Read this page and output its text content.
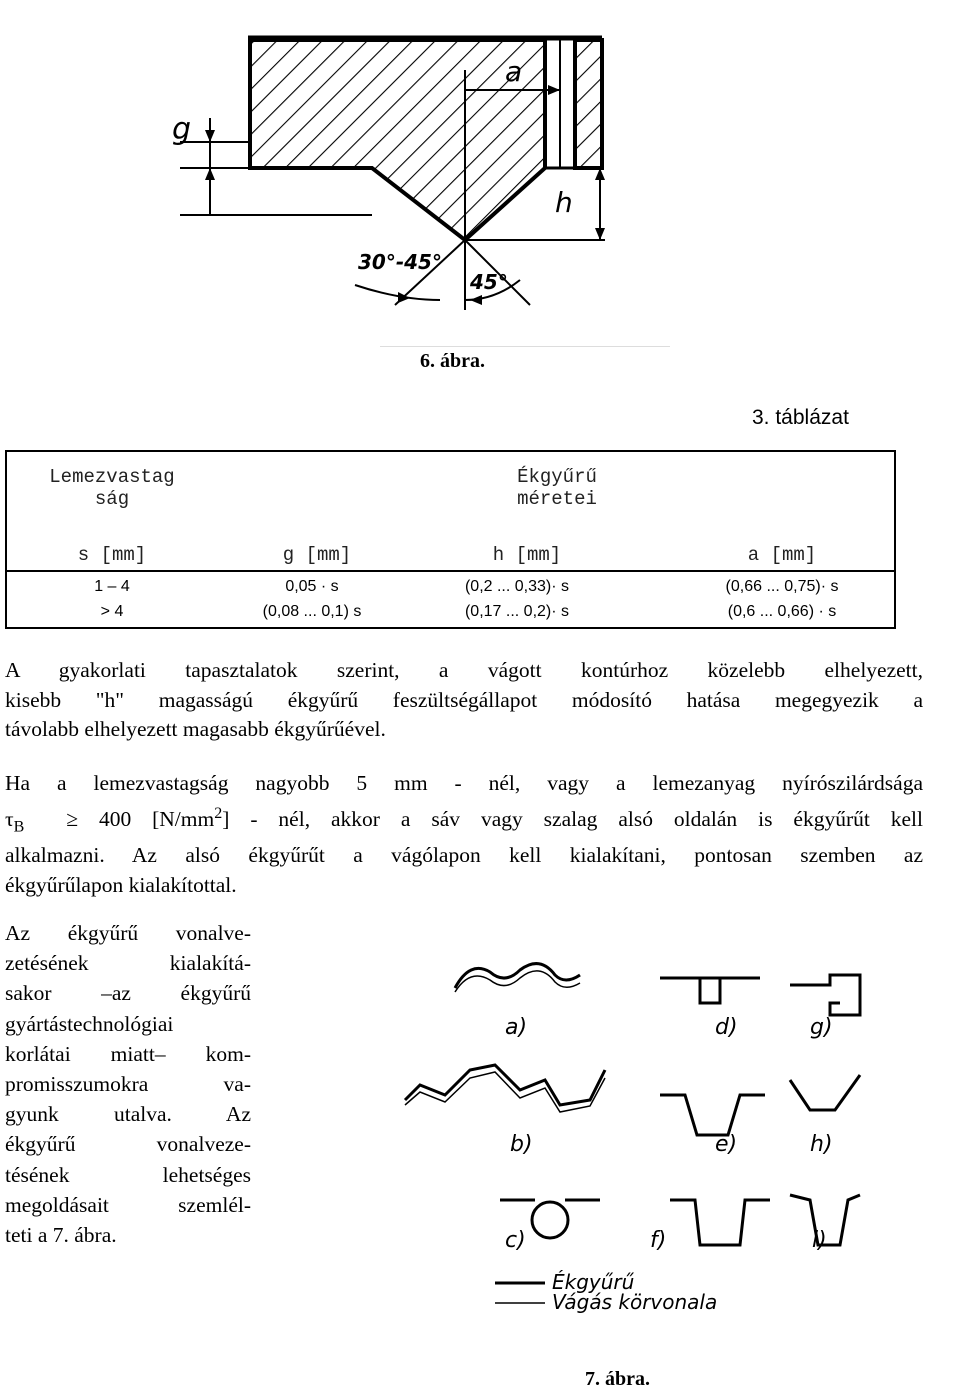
g
a
h
30°-45°
45°
6. ábra.
3. táblázat
Lemezvastag
ság
Ékgyűrű
méretei
s [mm]	g [mm]	h [mm]	a [mm]
1 – 4	0,05 · s	(0,2 ... 0,33)· s	(0,66 ... 0,75)· s
> 4	(0,08 ... 0,1) s	(0,17 ... 0,2)· s	(0,6 ... 0,66) · s
A gyakorlati tapasztalatok szerint, a vágott kontúrhoz közelebb elhelyezett,
kisebb "h" magasságú ékgyűrű feszültségállapot módosító hatása megegyezik a
távolabb elhelyezett magasabb ékgyűrűével.
Ha a lemezvastagság nagyobb 5 mm - nél, vagy a lemezanyag nyírószilárdsága
$\tau_B \ge 400$ $[N/mm^2]$ - nél, akkor a sáv vagy szalag alsó oldalán is ékgyűrűt kell
alkalmazni. Az alsó ékgyűrűt a vágólapon kell kialakítani, pontosan szemben az
ékgyűrűlapon kialakítottal.
Az ékgyűrű vonalve-
zetésének kialakítá-
sakor –az ékgyűrű
gyártástechnológiai
korlátai miatt– kom-
promisszumokra va-
gyunk utalva. Az
ékgyűrű vonalveze-
tésének lehetséges
megoldásait szemlél-
teti a 7. ábra.
a)
b)
c)
d)
e)
f)
g)
h)
i)
Ékgyűrű
Vágás körvonala
7. ábra.
